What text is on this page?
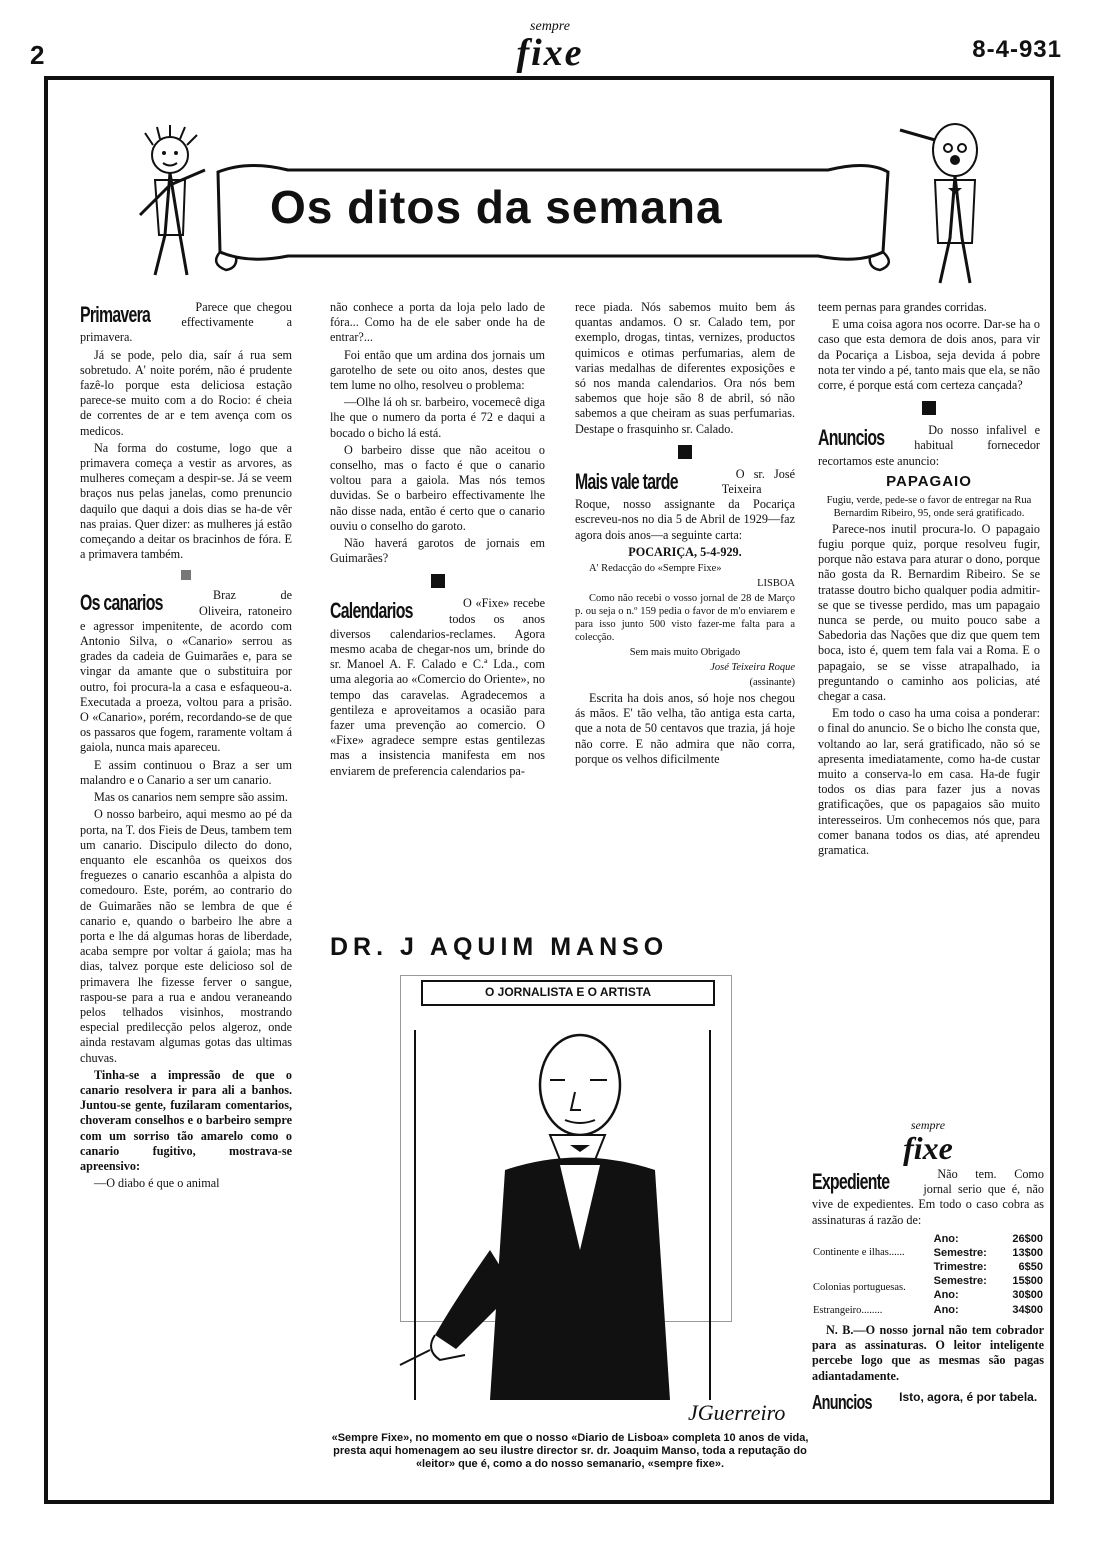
2
sempre
fixe	8-4-931
Os ditos da semana
Primavera	Parece que chegou effectivamente a primavera.

Já se pode, pelo dia, saír á rua sem sobretudo. A' noite porém, não é prudente fazê-lo porque esta deliciosa estação parece-se muito com a do Rocio: é cheia de correntes de ar e tem avença com os medicos.

Na forma do costume, logo que a primavera começa a vestir as arvores, as mulheres começam a despir-se. Já se veem braços nus pelas janelas, como prenuncio daquilo que daqui a dois dias se ha-de vêr nas praias. Quer dizer: as mulheres já estão começando a deitar os bracinhos de fóra. E a primavera também.

Os canarios	Braz de Oliveira, ratoneiro e agressor impenitente, de acordo com Antonio Silva, o «Canario» serrou as grades da cadeia de Guimarães e, para se vingar da amante que o substituira por outro, foi procura-la a casa e esfaqueou-a. Executada a proeza, voltou para a prisão. O «Canario», porém, recordando-se de que os passaros que fogem, raramente voltam á gaiola, nunca mais apareceu.

E assim continuou o Braz a ser um malandro e o Canario a ser um canario.

Mas os canarios nem sempre são assim.

O nosso barbeiro, aqui mesmo ao pé da porta, na T. dos Fieis de Deus, tambem tem um canario. Discipulo dilecto do dono, enquanto ele escanhôa os queixos dos freguezes o canario escanhôa a alpista do comedouro. Este, porém, ao contrario do de Guimarães não se lembra de que é canario e, quando o barbeiro lhe abre a porta e lhe dá algumas horas de liberdade, acaba sempre por voltar á gaiola; mas ha dias, talvez porque este delicioso sol de primavera lhe fizesse ferver o sangue, raspou-se para a rua e andou veraneando pelos telhados visinhos, mostrando especial predilecção pelos algeroz, onde ainda restavam algumas gotas das ultimas chuvas.

Tinha-se a impressão de que o canario resolvera ir para ali a banhos. Juntou-se gente, fuzilaram comentarios, choveram conselhos e o barbeiro sempre com um sorriso tão amarelo como o canario fugitivo, mostrava-se apreensivo:

—O diabo é que o animal

não conhece a porta da loja pelo lado de fóra... Como ha de ele saber onde ha de entrar?...

Foi então que um ardina dos jornais um garotelho de sete ou oito anos, destes que tem lume no olho, resolveu o problema:

—Olhe lá oh sr. barbeiro, vocemecê diga lhe que o numero da porta é 72 e daqui a bocado o bicho lá está.

O barbeiro disse que não aceitou o conselho, mas o facto é que o canario voltou para a gaiola. Mas nós temos duvidas. Se o barbeiro effectivamente lhe não disse nada, então é certo que o canario ouviu o conselho do garoto.

Não haverá garotos de jornais em Guimarães?

Calendarios	O «Fixe» recebe todos os anos diversos calendarios-reclames. Agora mesmo acaba de chegar-nos um, brinde do sr. Manoel A. F. Calado e C.ª Lda., com uma alegoria ao «Comercio do Oriente», no tempo das caravelas. Agradecemos a gentileza e aproveitamos a ocasião para fazer uma prevenção ao comercio. O «Fixe» agradece sempre estas gentilezas mas a insistencia manifesta em nos enviarem de preferencia calendarios pa-

rece piada. Nós sabemos muito bem ás quantas andamos. O sr. Calado tem, por exemplo, drogas, tintas, vernizes, productos quimicos e otimas perfumarias, alem de varias medalhas de diferentes exposições e só nos manda calendarios. Ora nós bem sabemos que hoje são 8 de abril, só não sabemos a que cheiram as suas perfumarias. Destape o frasquinho sr. Calado.

Mais vale tarde	O sr. José Teixeira Roque, nosso assignante da Pocariça escreveu-nos no dia 5 de Abril de 1929—faz agora dois anos—a seguinte carta:

POCARIÇA, 5-4-929.

A' Redacção do «Sempre Fixe»

LISBOA

Como não recebi o vosso jornal de 28 de Março p. ou seja o n.º 159 pedia o favor de m'o enviarem e para isso junto 500 visto fazer-me falta para a colecção.

Sem mais muito Obrigado

José Teixeira Roque

(assinante)

Escrita ha dois anos, só hoje nos chegou ás mãos. E' tão velha, tão antiga esta carta, que a nota de 50 centavos que trazia, já hoje não corre. E não admira que não corra, porque os velhos dificilmente

teem pernas para grandes corridas.

E uma coisa agora nos ocorre. Dar-se ha o caso que esta demora de dois anos, para vir da Pocariça a Lisboa, seja devida á pobre nota ter vindo a pé, tanto mais que ela, se não corre, é porque está com certeza cançada?

Anuncios	Do nosso infalivel e habitual fornecedor recortamos este anuncio:

PAPAGAIO

Fugiu, verde, pede-se o favor de entregar na Rua Bernardim Ribeiro, 95, onde será gratificado.

Parece-nos inutil procura-lo. O papagaio fugiu porque quiz, porque resolveu fugir, porque não estava para aturar o dono, porque não gosta da R. Bernardim Ribeiro. Se se tratasse doutro bicho qualquer podia admitir-se que se tivesse perdido, mas um papagaio nunca se perde, ou muito pouco sabe a Sabedoria das Nações que diz que quem tem boca, isto é, quem tem fala vai a Roma. E o papagaio, se se visse atrapalhado, ia preguntando o caminho aos policias, até chegar a casa.

Em todo o caso ha uma coisa a ponderar: o final do anuncio. Se o bicho lhe consta que, voltando ao lar, será gratificado, não só se apresenta imediatamente, como ha-de custar muito a conserva-lo em casa. Ha-de fugir todos os dias para fazer jus a novas gratificações, que os papagaios são muito interesseiros. Um conhecemos nós que, para comer banana todos os dias, até aprendeu gramatica.

sempre
fixe
Expediente	Não tem. Como jornal serio que é, não vive de expedientes. Em todo o caso cobra as assinaturas á razão de:

Continente e ilhas......	Ano:	26$00
	Semestre:	13$00
	Trimestre:	6$50
Colonias portuguesas.	Semestre:	15$00
	Ano:	30$00
Estrangeiro........	Ano:	34$00

N. B.—O nosso jornal não tem cobrador para as assinaturas. O leitor inteligente percebe logo que as mesmas são pagas adiantadamente.

Anuncios Isto, agora, é por tabela.
DR. J AQUIM MANSO
O JORNALISTA E O ARTISTA
JGuerreiro
«Sempre Fixe», no momento em que o nosso «Diario de Lisboa» completa 10 anos de vida, presta aqui homenagem ao seu ilustre director sr. dr. Joaquim Manso, toda a reputação do «leitor» que é, como a do nosso semanario, «sempre fixe».
